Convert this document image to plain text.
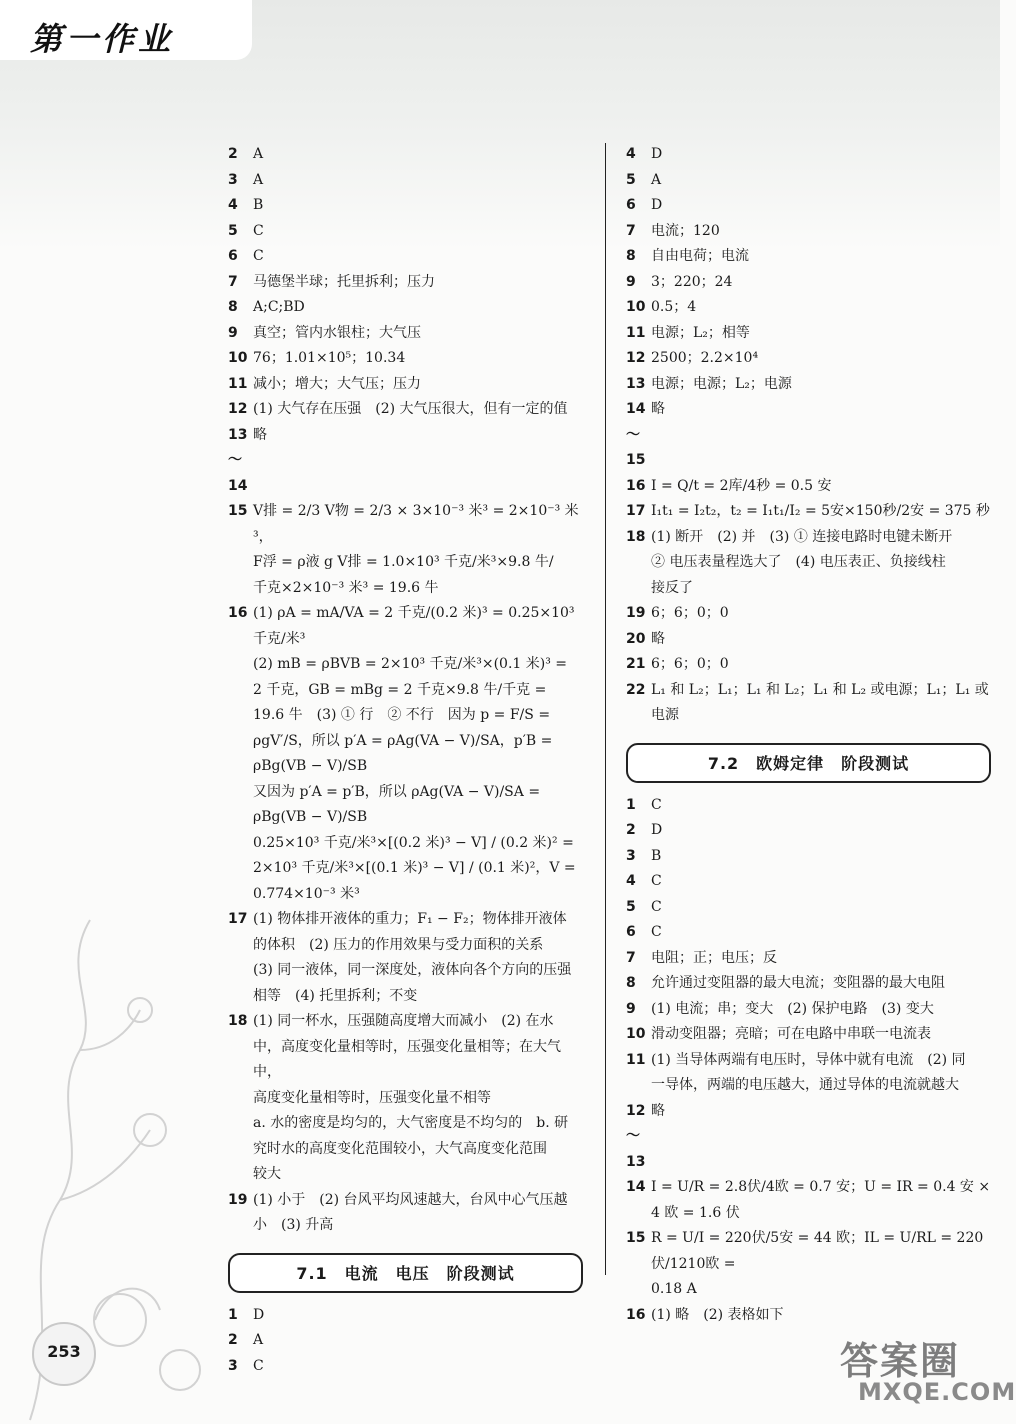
第一作业
2	A
3	A
4	B
5	C
6	C
7	马德堡半球；托里拆利；压力
8	A;C;BD
9	真空；管内水银柱；大气压
10 76；1.01×10⁵；10.34
11 减小；增大；大气压；压力
12 (1) 大气存在压强　(2) 大气压很大，但有一定的值
13～14
略
15 V排 = 2/3 V物 = 2/3 × 3×10⁻³ 米³ = 2×10⁻³ 米³，
F浮 = ρ液 g V排 = 1.0×10³ 千克/米³×9.8 牛/
千克×2×10⁻³ 米³ = 19.6 牛
16 (1) ρA = mA/VA = 2 千克/(0.2 米)³ = 0.25×10³ 千克/米³
(2) mB = ρBVB = 2×10³ 千克/米³×(0.1 米)³ =
2 千克，GB = mBg = 2 千克×9.8 牛/千克 =
19.6 牛　(3) ① 行　② 不行　因为 p = F/S =
ρgV′/S，所以 p′A = ρAg(VA − V)/SA，p′B = ρBg(VB − V)/SB
又因为 p′A = p′B，所以 ρAg(VA − V)/SA = ρBg(VB − V)/SB
0.25×10³ 千克/米³×[(0.2 米)³ − V] / (0.2 米)² =
2×10³ 千克/米³×[(0.1 米)³ − V] / (0.1 米)²，V =
0.774×10⁻³ 米³
17 (1) 物体排开液体的重力；F₁ − F₂；物体排开液体
的体积　(2) 压力的作用效果与受力面积的关系
(3) 同一液体，同一深度处，液体向各个方向的压强
相等　(4) 托里拆利；不变
18 (1) 同一杯水，压强随高度增大而减小　(2) 在水
中，高度变化量相等时，压强变化量相等；在大气中，
高度变化量相等时，压强变化量不相等
a. 水的密度是均匀的，大气密度是不均匀的　b. 研
究时水的高度变化范围较小，大气高度变化范围
较大
19 (1) 小于　(2) 台风平均风速越大，台风中心气压越
小　(3) 升高
7.1　电流　电压　阶段测试
1	D
2	A
3	C
4	D
5	A
6	D
7	电流；120
8	自由电荷；电流
9	3；220；24
10 0.5；4
11 电源；L₂；相等
12 2500；2.2×10⁴
13 电源；电源；L₂；电源
14～15
略
16 I = Q/t = 2库/4秒 = 0.5 安
17 I₁t₁ = I₂t₂，t₂ = I₁t₁/I₂ = 5安×150秒/2安 = 375 秒
18 (1) 断开　(2) 并　(3) ① 连接电路时电键未断开
② 电压表量程选大了　(4) 电压表正、负接线柱
接反了
19 6；6；0；0
20 略
21 6；6；0；0
22 L₁ 和 L₂；L₁；L₁ 和 L₂；L₁ 和 L₂ 或电源；L₁；L₁ 或
电源
7.2　欧姆定律　阶段测试
1	C
2	D
3	B
4	C
5	C
6	C
7	电阻；正；电压；反
8	允许通过变阻器的最大电流；变阻器的最大电阻
9	(1) 电流；串；变大　(2) 保护电路　(3) 变大
10 滑动变阻器；亮暗；可在电路中串联一电流表
11 (1) 当导体两端有电压时，导体中就有电流　(2) 同
一导体，两端的电压越大，通过导体的电流就越大
12～13
略
14 I = U/R = 2.8伏/4欧 = 0.7 安；U = IR = 0.4 安 ×
4 欧 = 1.6 伏
15 R = U/I = 220伏/5安 = 44 欧；IL = U/RL = 220伏/1210欧 =
0.18 A
16 (1) 略　(2) 表格如下
253	答案圈
MXQE.COM
